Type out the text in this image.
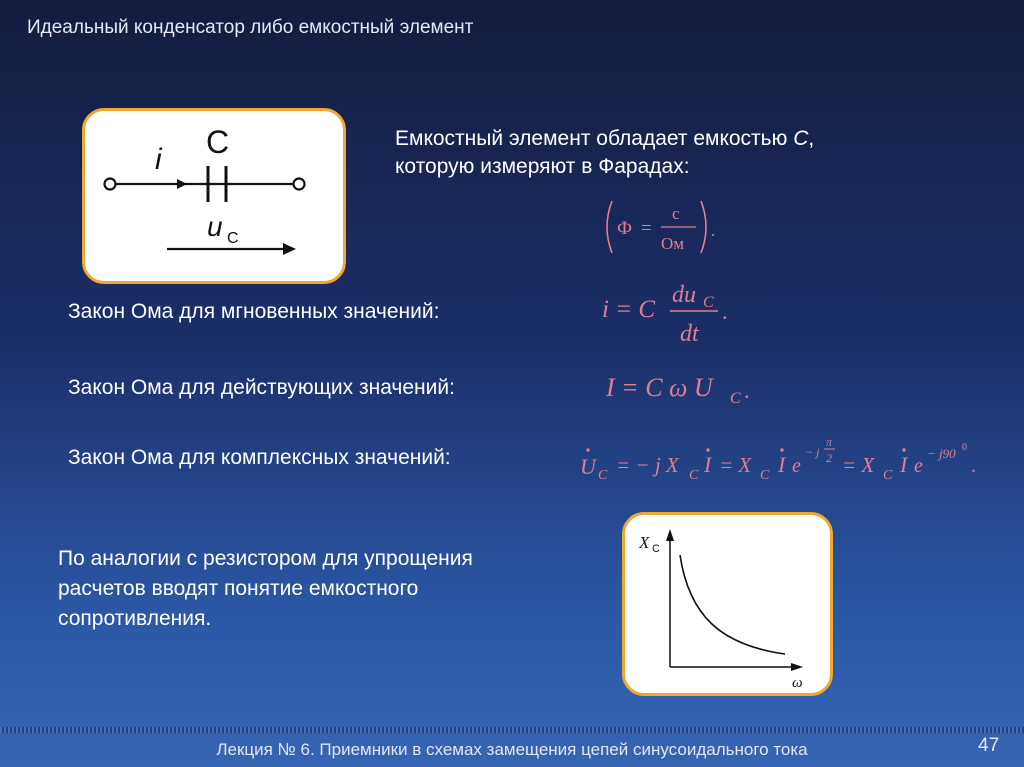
Идеальный конденсатор либо емкостный элемент
i C
u C
Емкостный элемент обладает емкостью C,
которую измеряют в Фарадах:
Ф =
с
Ом
.
Закон Ома для мгновенных значений:
Закон Ома для действующих значений:
Закон Ома для комплексных значений:
i = C
du C
dt
.
I = C ω U C .
U C = − j X C I = X C I e
− j
π
2 = X C I e
− j90 0
.
По аналогии с резистором для упрощения
расчетов вводят понятие емкостного
сопротивления.
X C
ω
47
Лекция № 6. Приемники в схемах замещения цепей синусоидального тока
